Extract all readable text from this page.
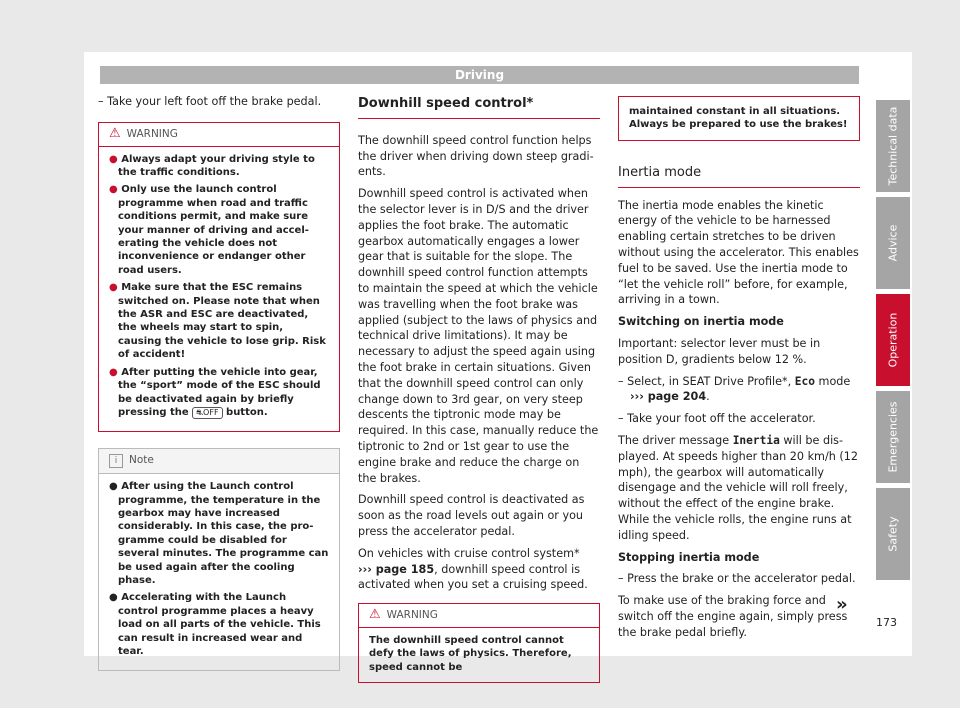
Driving

– Take your left foot off the brake pedal.

⚠ WARNING
● Always adapt your driving style to the traffic conditions.
● Only use the launch control programme when road and traffic conditions permit, and make sure your manner of driving and accelerating the vehicle does not inconvenience or endanger other road users.
● Make sure that the ESC remains switched on. Please note that when the ASR and ESC are deactivated, the wheels may start to spin, causing the vehicle to lose grip. Risk of accident!
● After putting the vehicle into gear, the “sport” mode of the ESC should be deactivated again by briefly pressing the ⛐OFF button.
i Note
● After using the Launch control programme, the temperature in the gearbox may have increased considerably. In this case, the programme could be disabled for several minutes. The programme can be used again after the cooling phase.
● Accelerating with the Launch control programme places a heavy load on all parts of the vehicle. This can result in increased wear and tear.
Downhill speed control*

The downhill speed control function helps the driver when driving down steep gradients.

Downhill speed control is activated when the selector lever is in D/S and the driver applies the foot brake. The automatic gearbox automatically engages a lower gear that is suitable for the slope. The downhill speed control function attempts to maintain the speed at which the vehicle was travelling when the foot brake was applied (subject to the laws of physics and technical drive limitations). It may be necessary to adjust the speed again using the foot brake in certain situations. Given that the downhill speed control can only change down to 3rd gear, on very steep descents the tiptronic mode may be required. In this case, manually reduce the tiptronic to 2nd or 1st gear to use the engine brake and reduce the charge on the brakes.

Downhill speed control is deactivated as soon as the road levels out again or you press the accelerator pedal.

On vehicles with cruise control system*
››› page 185, downhill speed control is activated when you set a cruising speed.

⚠ WARNING
The downhill speed control cannot defy the laws of physics. Therefore, speed cannot be
maintained constant in all situations. Always be prepared to use the brakes!
Inertia mode

The inertia mode enables the kinetic energy of the vehicle to be harnessed enabling certain stretches to be driven without using the accelerator. This enables fuel to be saved. Use the inertia mode to “let the vehicle roll” before, for example, arriving in a town.

Switching on inertia mode

Important: selector lever must be in position D, gradients below 12 %.

– Select, in SEAT Drive Profile*, Eco mode
››› page 204.

– Take your foot off the accelerator.

The driver message Inertia will be displayed. At speeds higher than 20 km/h (12 mph), the gearbox will automatically disengage and the vehicle will roll freely, without the effect of the engine brake. While the vehicle rolls, the engine runs at idling speed.

Stopping inertia mode

– Press the brake or the accelerator pedal.

To make use of the braking force and switch off the engine again, simply press the brake pedal briefly.

»
Technical data
Advice
Operation
Emergencies
Safety
173
